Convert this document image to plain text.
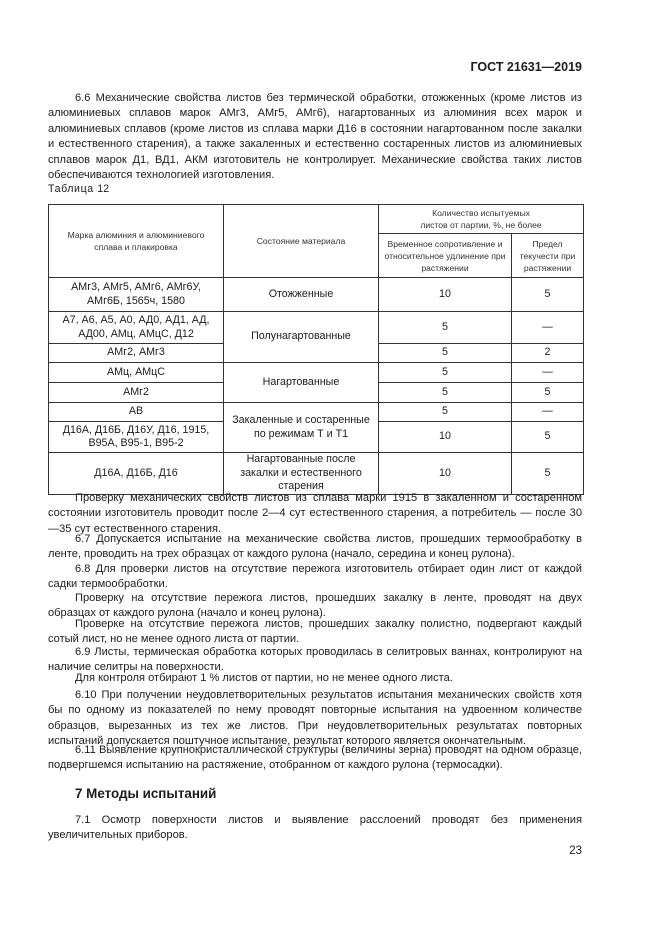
ГОСТ 21631—2019

6.6 Механические свойства листов без термической обработки, отожженных (кроме листов из алюминиевых сплавов марок АМг3, АМг5, АМг6), нагартованных из алюминия всех марок и алюминиевых сплавов (кроме листов из сплава марки Д16 в состоянии нагартованном после закалки и естественного старения), а также закаленных и естественно состаренных листов из алюминиевых сплавов марок Д1, ВД1, АКМ изготовитель не контролирует. Механические свойства таких листов обеспечиваются технологией изготовления.

Таблица 12
Марка алюминия и алюминиевого сплава и плакировка	Состояние материала	Количество испытуемых листов от партии, %, не более	
		Временное сопротивление и относительное удлинение при растяжении	Предел текучести при растяжении
АМг3, АМг5, АМг6, АМг6У, АМг6Б, 1565ч, 1580	Отожженные	10	5
А7, А6, А5, А0, АД0, АД1, АД, АД00, АМц, АМцС, Д12	Полунагартованные	5	—
АМг2, АМг3		5	2
АМц, АМцС	Нагартованные	5	—
АМг2		5	5
АВ	Закаленные и состаренные по режимам Т и Т1	5	—
Д16А, Д16Б, Д16У, Д16, 1915, В95А, В95-1, В95-2		10	5
Д16А, Д16Б, Д16	Нагартованные после закалки и естественного старения	10	5

Проверку механических свойств листов из сплава марки 1915 в закаленном и состаренном состоянии изготовитель проводит после 2—4 сут естественного старения, а потребитель — после 30—35 сут естественного старения.

6.7 Допускается испытание на механические свойства листов, прошедших термообработку в ленте, проводить на трех образцах от каждого рулона (начало, середина и конец рулона).

6.8 Для проверки листов на отсутствие пережога изготовитель отбирает один лист от каждой садки термообработки.

Проверку на отсутствие пережога листов, прошедших закалку в ленте, проводят на двух образцах от каждого рулона (начало и конец рулона).

Проверке на отсутствие пережога листов, прошедших закалку полистно, подвергают каждый сотый лист, но не менее одного листа от партии.

6.9 Листы, термическая обработка которых проводилась в селитровых ваннах, контролируют на наличие селитры на поверхности.

Для контроля отбирают 1 % листов от партии, но не менее одного листа.

6.10 При получении неудовлетворительных результатов испытания механических свойств хотя бы по одному из показателей по нему проводят повторные испытания на удвоенном количестве образцов, вырезанных из тех же листов. При неудовлетворительных результатах повторных испытаний допускается поштучное испытание, результат которого является окончательным.

6.11 Выявление крупнокристаллической структуры (величины зерна) проводят на одном образце, подвергшемся испытанию на растяжение, отобранном от каждого рулона (термосадки).

7 Методы испытаний

7.1 Осмотр поверхности листов и выявление расслоений проводят без применения увеличительных приборов.

23
